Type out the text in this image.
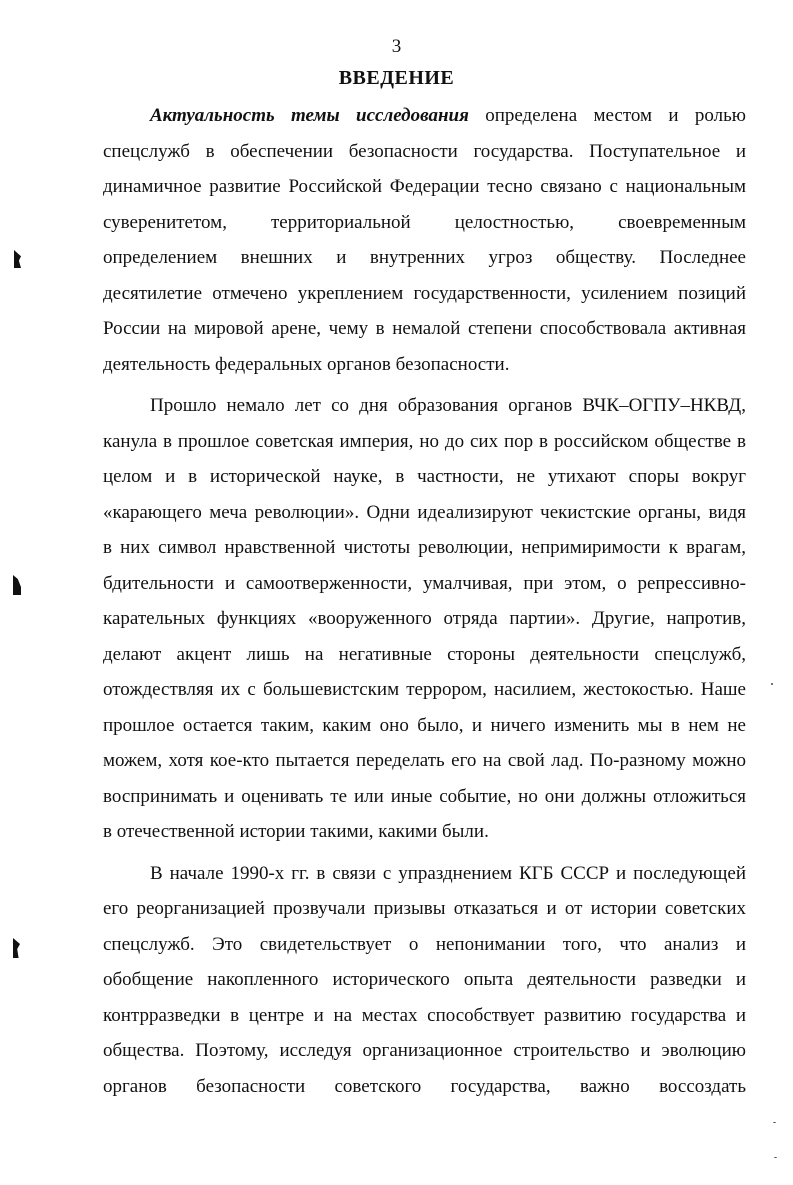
3
ВВЕДЕНИЕ
Актуальность темы исследования определена местом и ролью
спецслужб в обеспечении безопасности государства. Поступательное и
динамичное развитие Российской Федерации тесно связано с национальным
суверенитетом, территориальной целостностью, своевременным
определением внешних и внутренних угроз обществу. Последнее
десятилетие отмечено укреплением государственности, усилением позиций
России на мировой арене, чему в немалой степени способствовала активная
деятельность федеральных органов безопасности.
Прошло немало лет со дня образования органов ВЧК–ОГПУ–НКВД,
канула в прошлое советская империя, но до сих пор в российском обществе в
целом и в исторической науке, в частности, не утихают споры вокруг
«карающего меча революции». Одни идеализируют чекистские органы, видя
в них символ нравственной чистоты революции, непримиримости к врагам,
бдительности и самоотверженности, умалчивая, при этом, о репрессивно-
карательных функциях «вооруженного отряда партии». Другие, напротив,
делают акцент лишь на негативные стороны деятельности спецслужб,
отождествляя их с большевистским террором, насилием, жестокостью. Наше
прошлое остается таким, каким оно было, и ничего изменить мы в нем не
можем, хотя кое-кто пытается переделать его на свой лад. По-разному можно
воспринимать и оценивать те или иные событие, но они должны отложиться
в отечественной истории такими, какими были.
В начале 1990-х гг. в связи с упразднением КГБ СССР и последующей
его реорганизацией прозвучали призывы отказаться и от истории советских
спецслужб. Это свидетельствует о непонимании того, что анализ и
обобщение накопленного исторического опыта деятельности разведки и
контрразведки в центре и на местах способствует развитию государства и
общества. Поэтому, исследуя организационное строительство и эволюцию
органов безопасности советского государства, важно воссоздать
